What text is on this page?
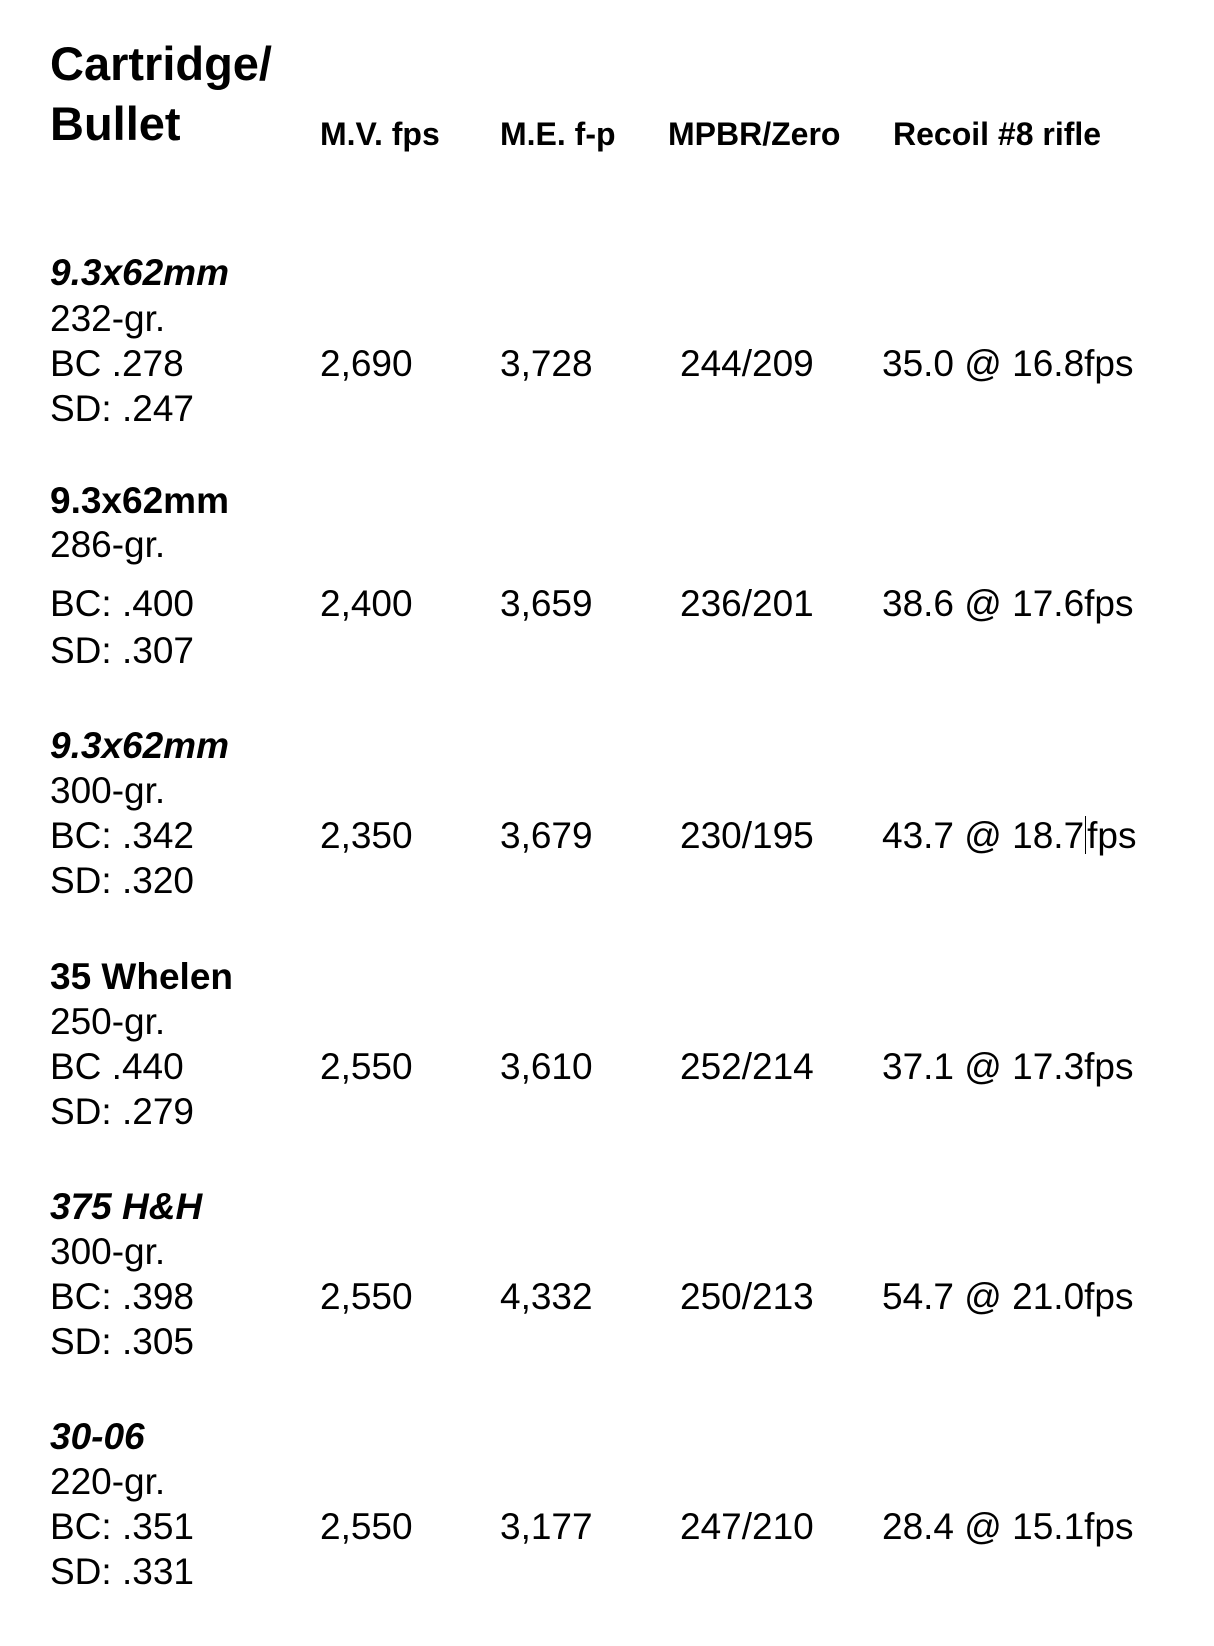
Cartridge/
Bullet	M.V. fps M.E. f-p MPBR/Zero Recoil #8 rifle
9.3x62mm
232-gr.
BC .278
SD: .247
2,690 3,728 244/209 35.0 @ 16.8fps
9.3x62mm
286-gr.
BC: .400
SD: .307
2,400 3,659 236/201 38.6 @ 17.6fps
9.3x62mm
300-gr.
BC: .342
SD: .320
2,350 3,679 230/195 43.7 @ 18.7fps
35 Whelen
250-gr.
BC .440
SD: .279
2,550 3,610 252/214 37.1 @ 17.3fps
375 H&H
300-gr.
BC: .398
SD: .305
2,550 4,332 250/213 54.7 @ 21.0fps
30-06
220-gr.
BC: .351
SD: .331
2,550 3,177 247/210 28.4 @ 15.1fps
